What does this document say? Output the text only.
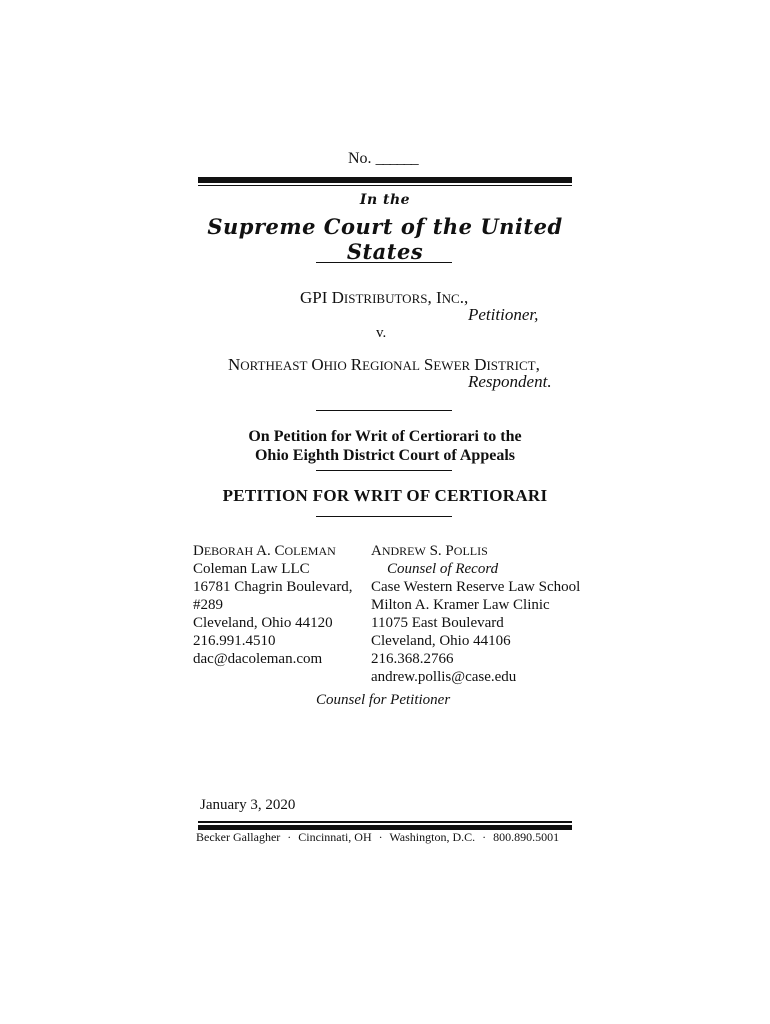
No. ______
In the
Supreme Court of the United States
GPI DISTRIBUTORS, INC.,
Petitioner,
v.
NORTHEAST OHIO REGIONAL SEWER DISTRICT,
Respondent.
On Petition for Writ of Certiorari to the
Ohio Eighth District Court of Appeals
PETITION FOR WRIT OF CERTIORARI
DEBORAH A. COLEMAN
Coleman Law LLC
16781 Chagrin Boulevard,
#289
Cleveland, Ohio 44120
216.991.4510
dac@dacoleman.com
ANDREW S. POLLIS
Counsel of Record
Case Western Reserve Law School
Milton A. Kramer Law Clinic
11075 East Boulevard
Cleveland, Ohio 44106
216.368.2766
andrew.pollis@case.edu
Counsel for Petitioner
January 3, 2020
Becker Gallagher · Cincinnati, OH · Washington, D.C. · 800.890.5001
